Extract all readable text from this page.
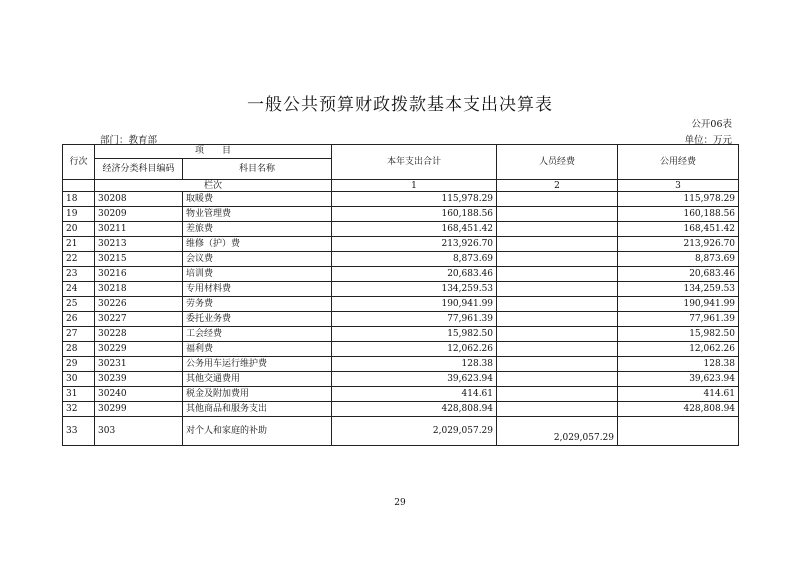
一般公共预算财政拨款基本支出决算表
公开06表
部门：教育部	单位：万元
行次	项　　目		本年支出合计	人员经费	公用经费
	经济分类科目编码	科目名称			
	栏次		1	2	3
18	30208	取暖费	115,978.29		115,978.29
19	30209	物业管理费	160,188.56		160,188.56
20	30211	差旅费	168,451.42		168,451.42
21	30213	维修（护）费	213,926.70		213,926.70
22	30215	会议费	8,873.69		8,873.69
23	30216	培训费	20,683.46		20,683.46
24	30218	专用材料费	134,259.53		134,259.53
25	30226	劳务费	190,941.99		190,941.99
26	30227	委托业务费	77,961.39		77,961.39
27	30228	工会经费	15,982.50		15,982.50
28	30229	福利费	12,062.26		12,062.26
29	30231	公务用车运行维护费	128.38		128.38
30	30239	其他交通费用	39,623.94		39,623.94
31	30240	税金及附加费用	414.61		414.61
32	30299	其他商品和服务支出	428,808.94		428,808.94
33	303	对个人和家庭的补助	2,029,057.29	2,029,057.29	
29
